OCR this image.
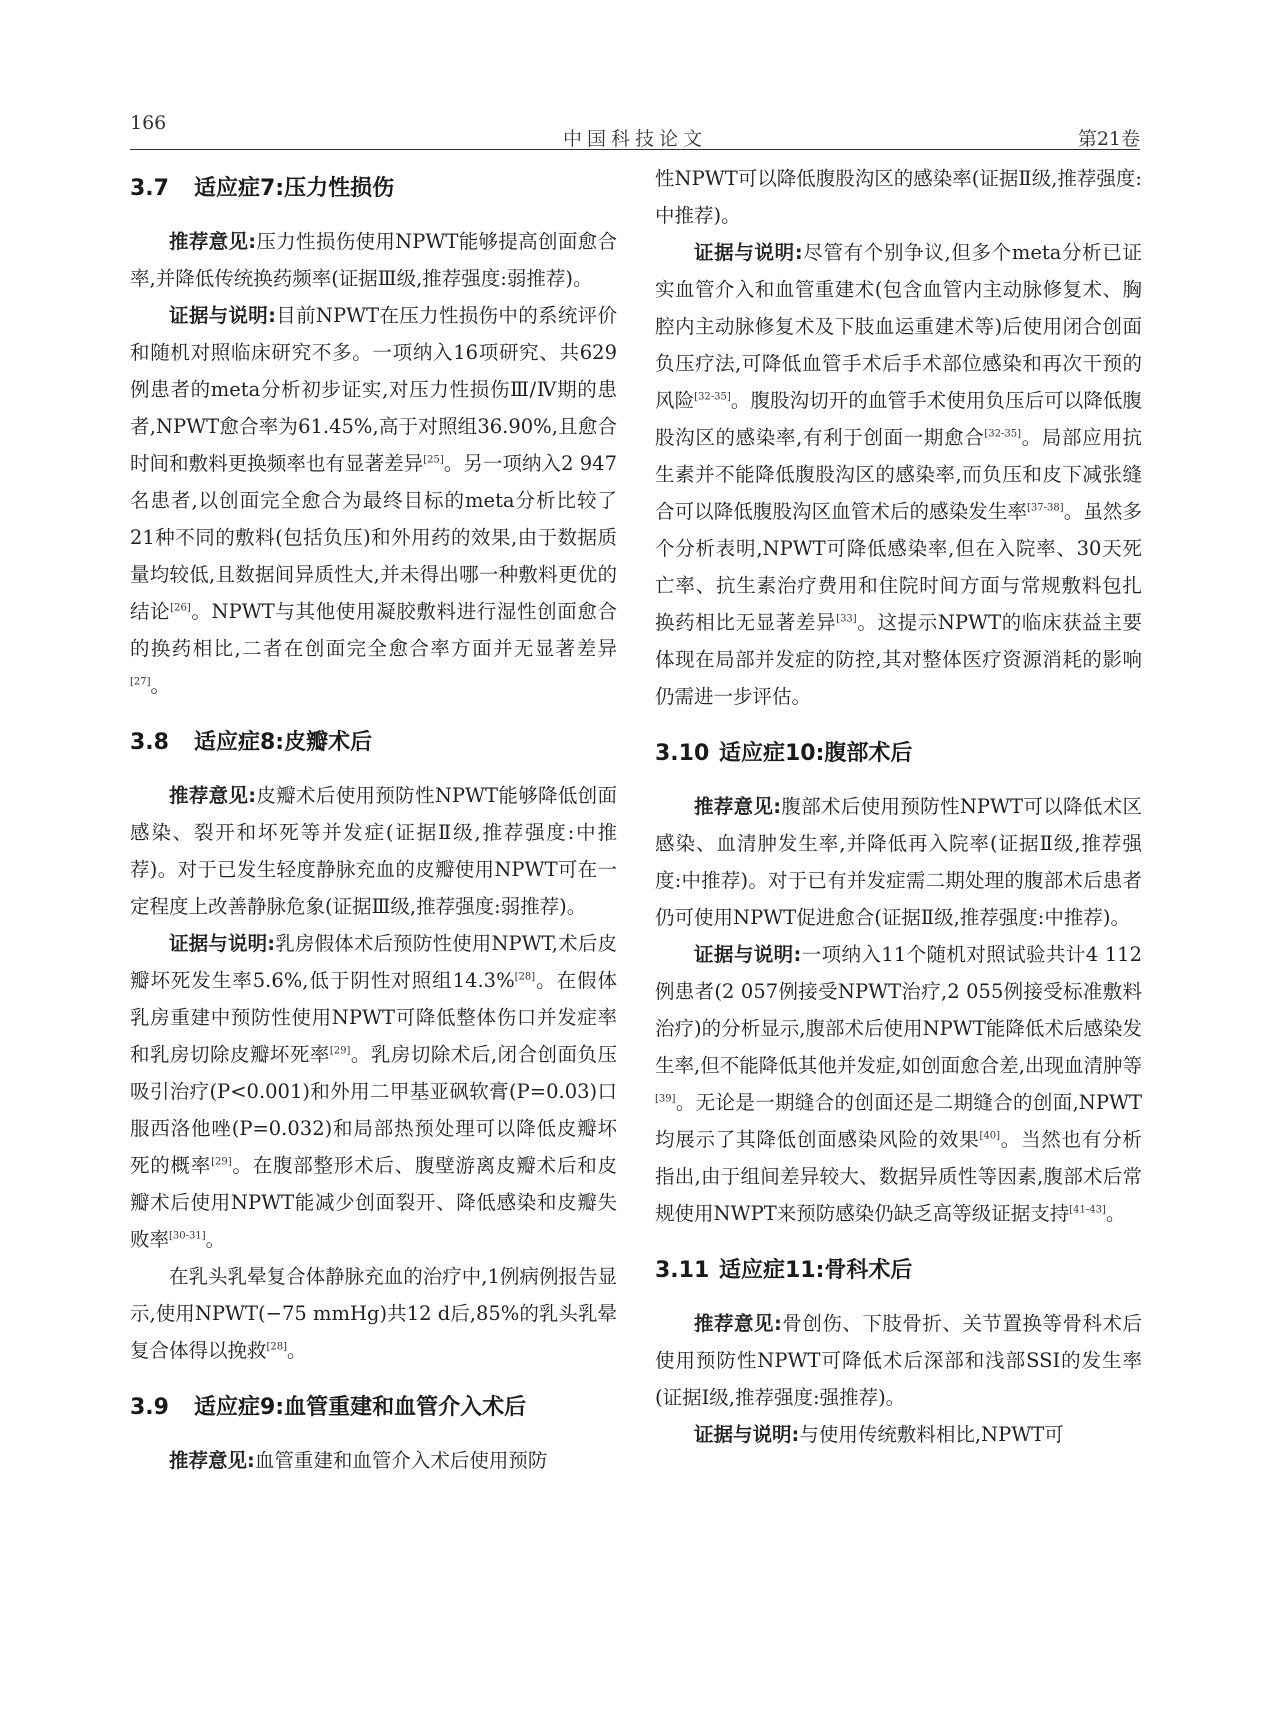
166
中国科技论文	第21卷
3.7 适应症7:压力性损伤

推荐意见:压力性损伤使用NPWT能够提高创面愈合率,并降低传统换药频率(证据Ⅲ级,推荐强度:弱推荐)。

证据与说明:目前NPWT在压力性损伤中的系统评价和随机对照临床研究不多。一项纳入16项研究、共629例患者的meta分析初步证实,对压力性损伤Ⅲ/Ⅳ期的患者,NPWT愈合率为61.45%,高于对照组36.90%,且愈合时间和敷料更换频率也有显著差异[25]。另一项纳入2 947名患者,以创面完全愈合为最终目标的meta分析比较了21种不同的敷料(包括负压)和外用药的效果,由于数据质量均较低,且数据间异质性大,并未得出哪一种敷料更优的结论[26]。NPWT与其他使用凝胶敷料进行湿性创面愈合的换药相比,二者在创面完全愈合率方面并无显著差异[27]。

3.8 适应症8:皮瓣术后

推荐意见:皮瓣术后使用预防性NPWT能够降低创面感染、裂开和坏死等并发症(证据Ⅱ级,推荐强度:中推荐)。对于已发生轻度静脉充血的皮瓣使用NPWT可在一定程度上改善静脉危象(证据Ⅲ级,推荐强度:弱推荐)。

证据与说明:乳房假体术后预防性使用NPWT,术后皮瓣坏死发生率5.6%,低于阴性对照组14.3%[28]。在假体乳房重建中预防性使用NPWT可降低整体伤口并发症率和乳房切除皮瓣坏死率[29]。乳房切除术后,闭合创面负压吸引治疗(P<0.001)和外用二甲基亚砜软膏(P=0.03)口服西洛他唑(P=0.032)和局部热预处理可以降低皮瓣坏死的概率[29]。在腹部整形术后、腹壁游离皮瓣术后和皮瓣术后使用NPWT能减少创面裂开、降低感染和皮瓣失败率[30-31]。

在乳头乳晕复合体静脉充血的治疗中,1例病例报告显示,使用NPWT(−75 mmHg)共12 d后,85%的乳头乳晕复合体得以挽救[28]。

3.9 适应症9:血管重建和血管介入术后

推荐意见:血管重建和血管介入术后使用预防

性NPWT可以降低腹股沟区的感染率(证据Ⅱ级,推荐强度:中推荐)。

证据与说明:尽管有个别争议,但多个meta分析已证实血管介入和血管重建术(包含血管内主动脉修复术、胸腔内主动脉修复术及下肢血运重建术等)后使用闭合创面负压疗法,可降低血管手术后手术部位感染和再次干预的风险[32-35]。腹股沟切开的血管手术使用负压后可以降低腹股沟区的感染率,有利于创面一期愈合[32-35]。局部应用抗生素并不能降低腹股沟区的感染率,而负压和皮下减张缝合可以降低腹股沟区血管术后的感染发生率[37-38]。虽然多个分析表明,NPWT可降低感染率,但在入院率、30天死亡率、抗生素治疗费用和住院时间方面与常规敷料包扎换药相比无显著差异[33]。这提示NPWT的临床获益主要体现在局部并发症的防控,其对整体医疗资源消耗的影响仍需进一步评估。

3.10 适应症10:腹部术后

推荐意见:腹部术后使用预防性NPWT可以降低术区感染、血清肿发生率,并降低再入院率(证据Ⅱ级,推荐强度:中推荐)。对于已有并发症需二期处理的腹部术后患者仍可使用NPWT促进愈合(证据Ⅱ级,推荐强度:中推荐)。

证据与说明:一项纳入11个随机对照试验共计4 112例患者(2 057例接受NPWT治疗,2 055例接受标准敷料治疗)的分析显示,腹部术后使用NPWT能降低术后感染发生率,但不能降低其他并发症,如创面愈合差,出现血清肿等[39]。无论是一期缝合的创面还是二期缝合的创面,NPWT均展示了其降低创面感染风险的效果[40]。当然也有分析指出,由于组间差异较大、数据异质性等因素,腹部术后常规使用NWPT来预防感染仍缺乏高等级证据支持[41-43]。

3.11 适应症11:骨科术后

推荐意见:骨创伤、下肢骨折、关节置换等骨科术后使用预防性NPWT可降低术后深部和浅部SSI的发生率(证据Ⅰ级,推荐强度:强推荐)。

证据与说明:与使用传统敷料相比,NPWT可
